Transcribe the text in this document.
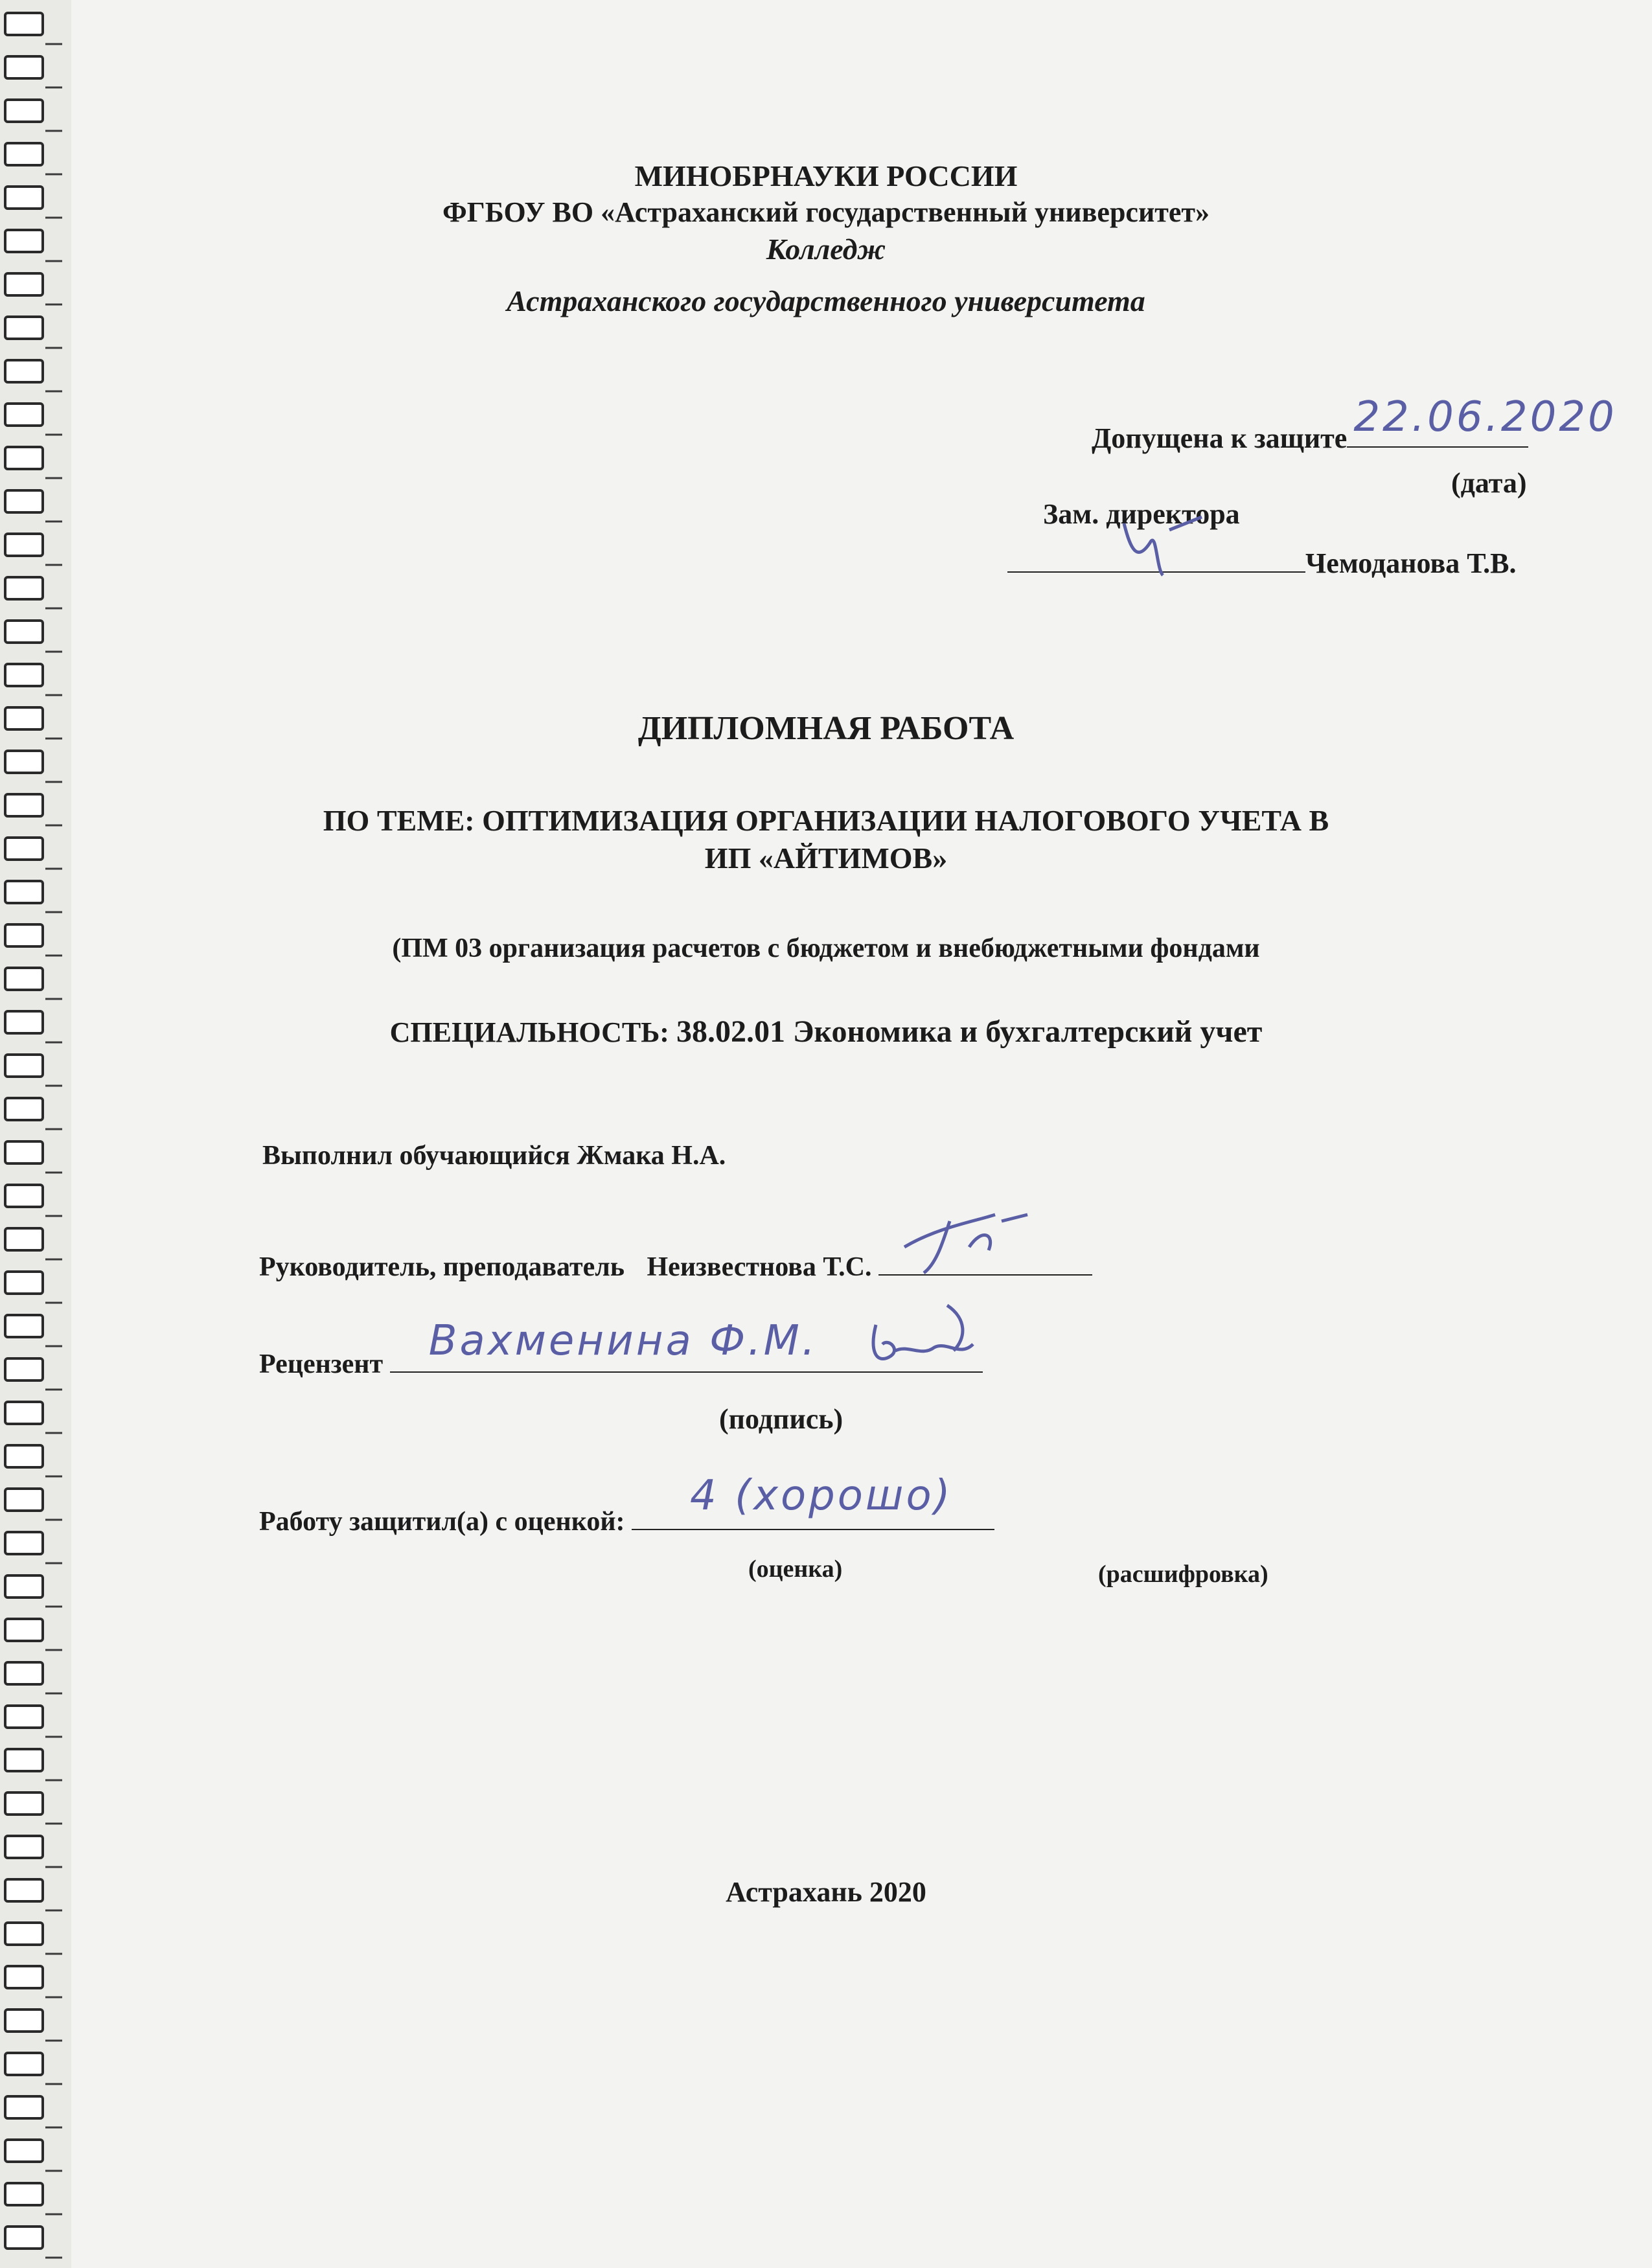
МИНОБРНАУКИ РОССИИ
ФГБОУ ВО «Астраханский государственный университет»
Колледж
Астраханского государственного университета
Допущена к защите 22.06.2020
(дата)
Зам. директора
Чемоданова Т.В.
ДИПЛОМНАЯ РАБОТА
ПО ТЕМЕ: ОПТИМИЗАЦИЯ ОРГАНИЗАЦИИ НАЛОГОВОГО УЧЕТА В
ИП «АЙТИМОВ»
(ПМ 03 организация расчетов с бюджетом и внебюджетными фондами
СПЕЦИАЛЬНОСТЬ: 38.02.01 Экономика и бухгалтерский учет
Выполнил обучающийся Жмака Н.А.
Руководитель, преподаватель Неизвестнова Т.С.
Рецензент Вахменина Ф.М.
(подпись)
Работу защитил(а) с оценкой:
4 (хорошо)
(оценка)	(расшифровка)
Астрахань 2020
